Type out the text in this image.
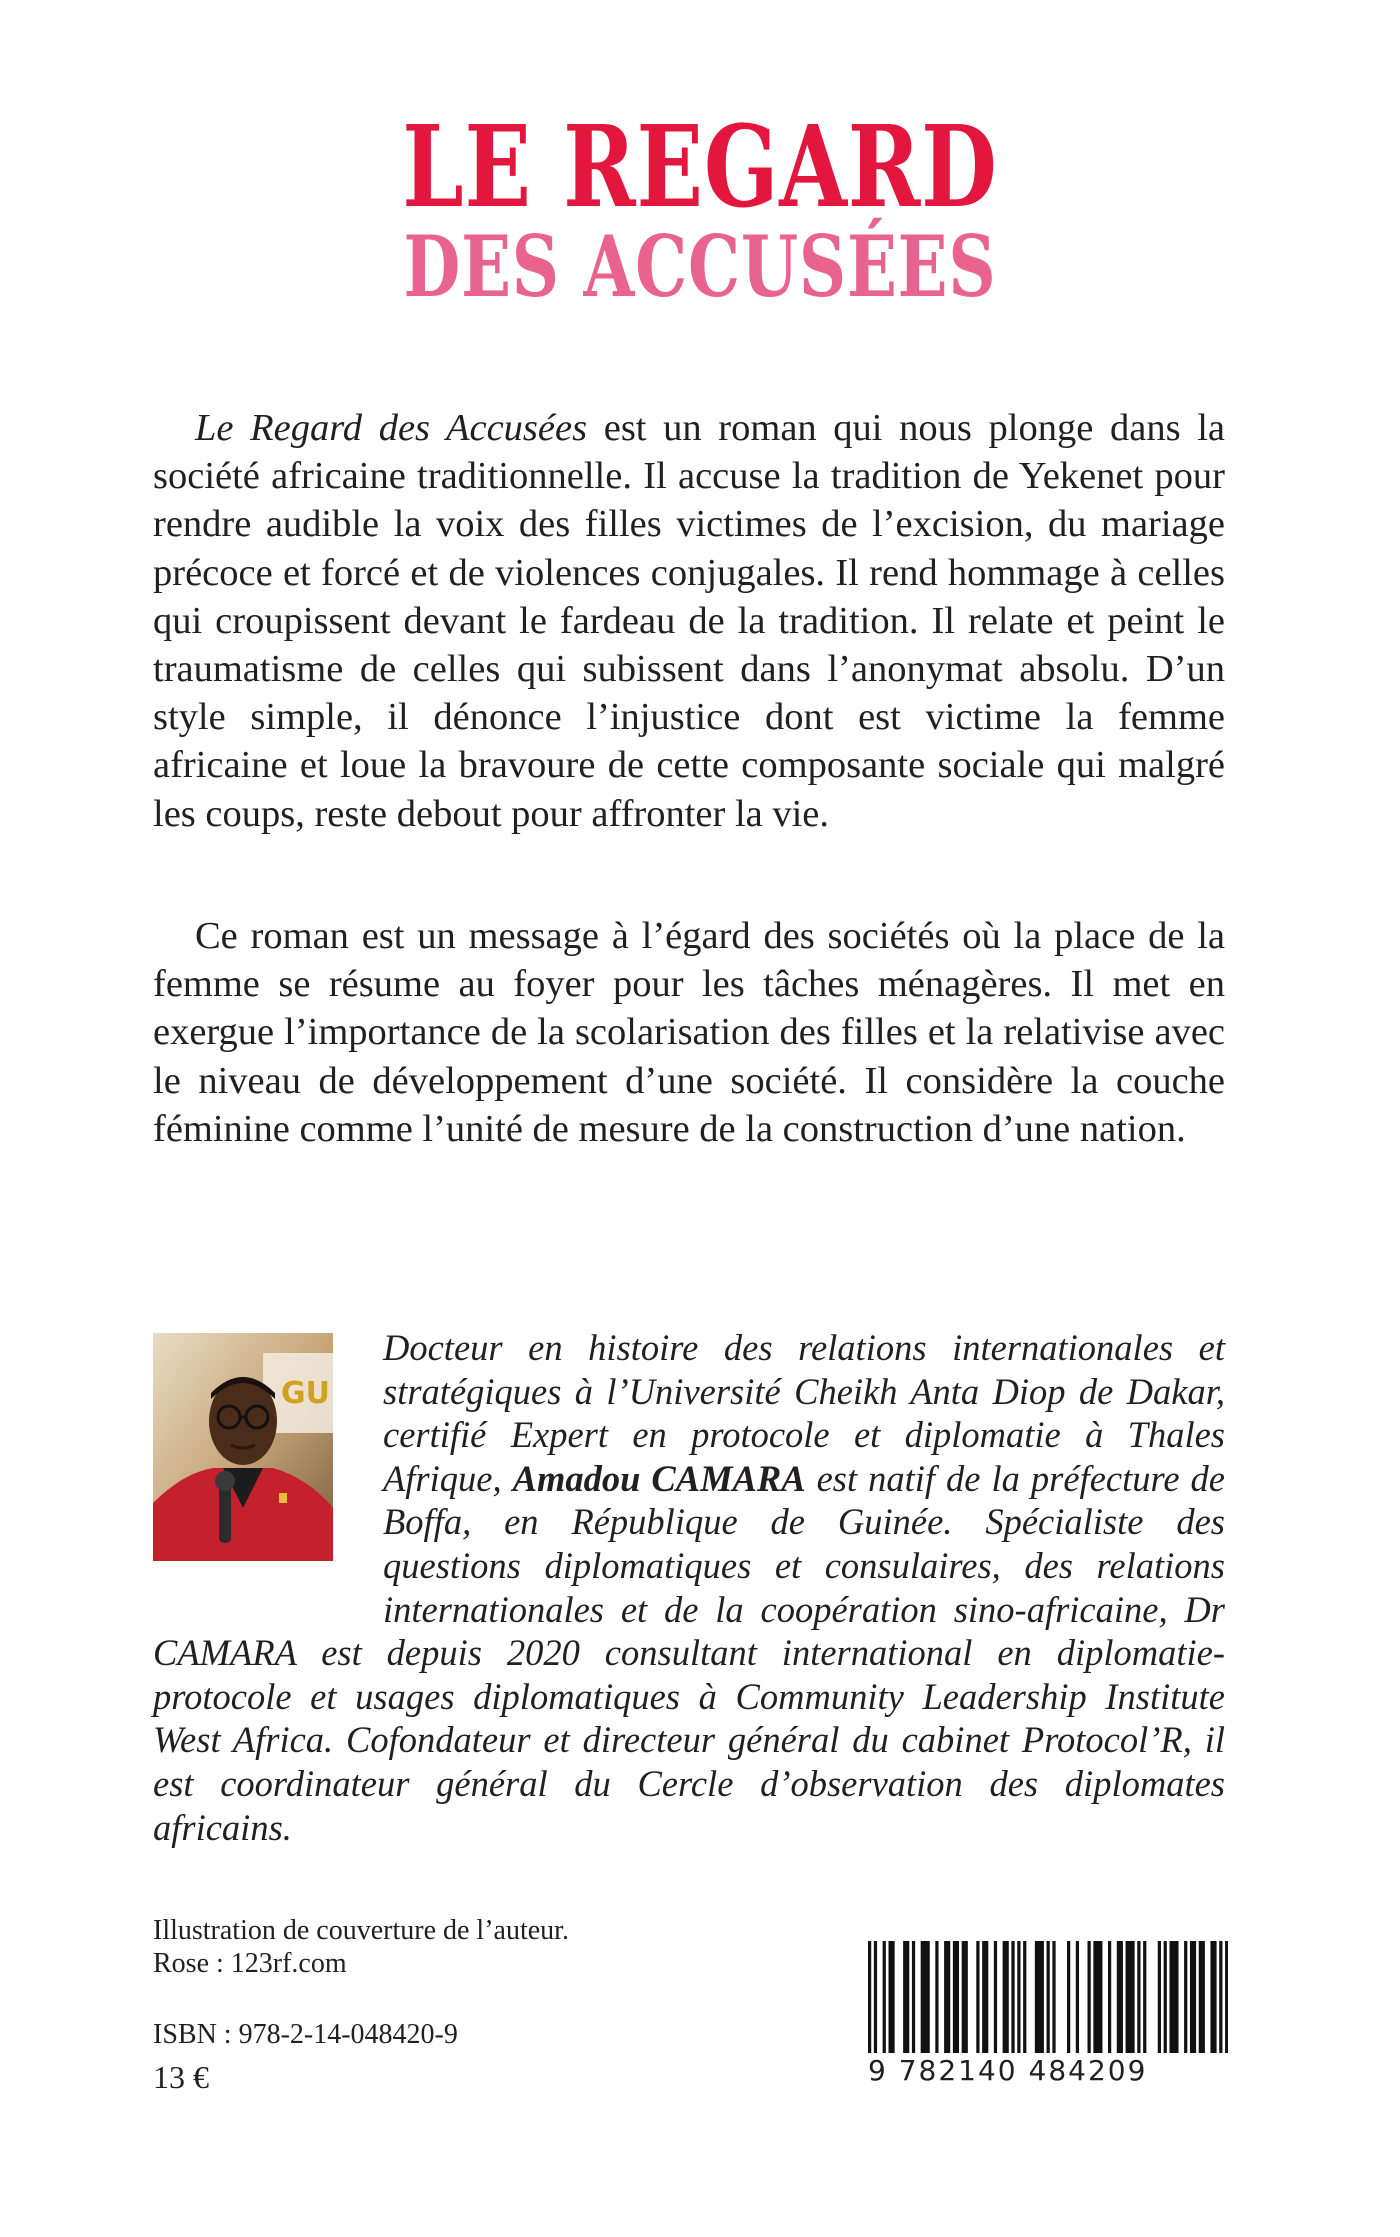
LE REGARD
DES ACCUSÉES

Le Regard des Accusées est un roman qui nous plonge dans la société africaine traditionnelle. Il accuse la tradition de Yekenet pour rendre audible la voix des filles victimes de l’excision, du mariage précoce et forcé et de violences conjugales. Il rend hommage à celles qui croupissent devant le fardeau de la tradition. Il relate et peint le traumatisme de celles qui subissent dans l’anonymat absolu. D’un style simple, il dénonce l’injustice dont est victime la femme africaine et loue la bravoure de cette composante sociale qui malgré les coups, reste debout pour affronter la vie.

Ce roman est un message à l’égard des sociétés où la place de la femme se résume au foyer pour les tâches ménagères. Il met en exergue l’importance de la scolarisation des filles et la relativise avec le niveau de développement d’une société. Il considère la couche féminine comme l’unité de mesure de la construction d’une nation.

GU

Docteur en histoire des relations internationales et stratégiques à l’Université Cheikh Anta Diop de Dakar, certifié Expert en protocole et diplomatie à Thales Afrique, Amadou CAMARA est natif de la préfecture de Boffa, en République de Guinée. Spécialiste des questions diplomatiques et consulaires, des relations internationales et de la coopération sino-africaine, Dr CAMARA est depuis 2020 consultant international en diplomatie-protocole et usages diplomatiques à Community Leadership Institute West Africa. Cofondateur et directeur général du cabinet Protocol’R, il est coordinateur général du Cercle d’observation des diplomates africains.

Illustration de couverture de l’auteur.

Rose : 123rf.com

ISBN : 978-2-14-048420-9

13 €	9 782140 484209
